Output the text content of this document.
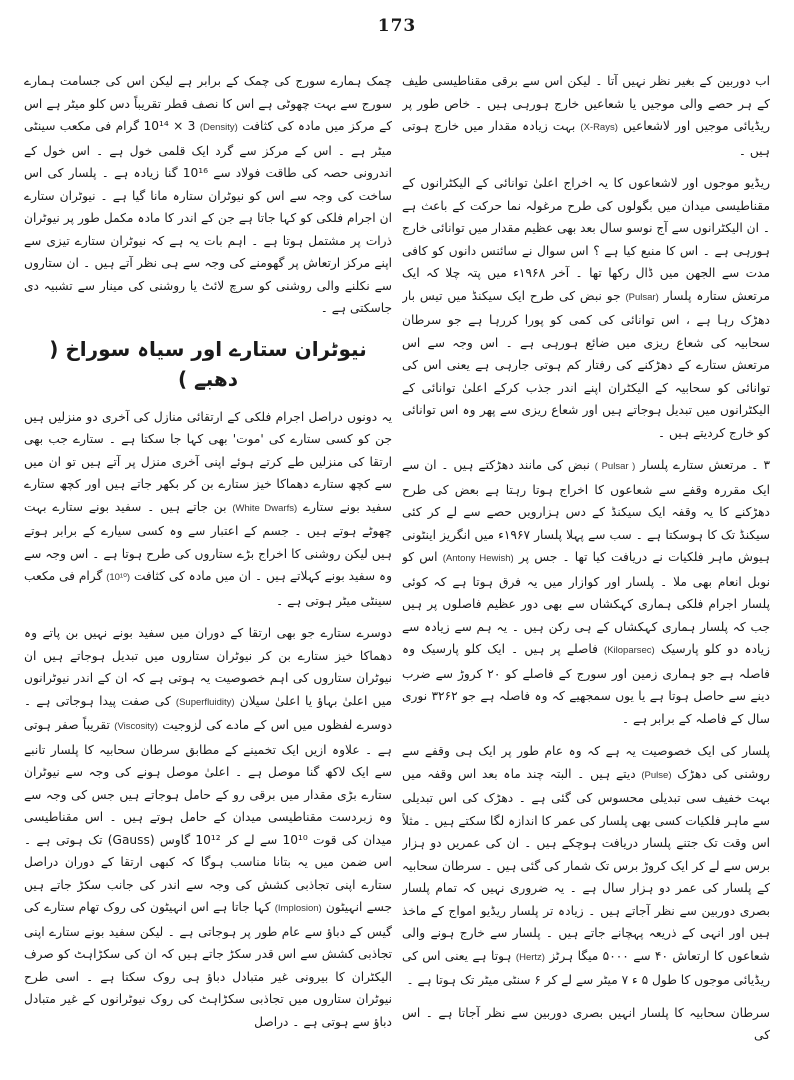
173

اب دوربین کے بغیر نظر نہیں آتا ۔ لیکن اس سے برقی مقناطیسی طیف کے ہر حصے والی موجیں یا شعاعیں خارج ہورہی ہیں ۔ خاص طور پر ریڈیائی موجیں اور لاشعاعیں (X-Rays) بہت زیادہ مقدار میں خارج ہوتی ہیں ۔

ریڈیو موجوں اور لاشعاعوں کا یہ اخراج اعلیٰ توانائی کے الیکٹرانوں کے مقناطیسی میدان میں بگولوں کی طرح مرغولہ نما حرکت کے باعث ہے ۔ ان الیکٹرانوں سے آج نوسو سال بعد بھی عظیم مقدار میں توانائی خارج ہورہی ہے ۔ اس کا منبع کیا ہے ؟ اس سوال نے سائنس دانوں کو کافی مدت سے الجھن میں ڈال رکھا تھا ۔ آخر ۱۹۶۸ء میں پتہ چلا کہ ایک مرتعش ستارہ پلسار (Pulsar) جو نبض کی طرح ایک سیکنڈ میں تیس بار دھڑک رہا ہے ، اس توانائی کی کمی کو پورا کررہا ہے جو سرطان سحابیہ کی شعاع ریزی میں ضائع ہورہی ہے ۔ اس وجہ سے اس مرتعش ستارے کے دھڑکنے کی رفتار کم ہوتی جارہی ہے یعنی اس کی توانائی کو سحابیہ کے الیکٹران اپنے اندر جذب کرکے اعلیٰ توانائی کے الیکٹرانوں میں تبدیل ہوجاتے ہیں اور شعاع ریزی سے پھر وہ اس توانائی کو خارج کردیتے ہیں ۔

۳ ۔ مرتعش ستارے پلسار ( Pulsar ) نبض کی مانند دھڑکتے ہیں ۔ ان سے ایک مقررہ وقفے سے شعاعوں کا اخراج ہوتا رہتا ہے بعض کی طرح دھڑکنے کا یہ وقفہ ایک سیکنڈ کے دس ہزارویں حصے سے لے کر کئی سیکنڈ تک کا ہوسکتا ہے ۔ سب سے پہلا پلسار ۱۹۶۷ء میں انگریز اینٹونی ہیوش ماہر فلکیات نے دریافت کیا تھا ۔ جس پر (Antony Hewish) اس کو نوبل انعام بھی ملا ۔ پلسار اور کوازار میں یہ فرق ہوتا ہے کہ کوئی پلسار اجرام فلکی ہماری کہکشاں سے بھی دور عظیم فاصلوں پر ہیں جب کہ پلسار ہماری کہکشاں کے ہی رکن ہیں ۔ یہ ہم سے زیادہ سے زیادہ دو کلو پارسیک (Kiloparsec) فاصلے پر ہیں ۔ ایک کلو پارسیک وہ فاصلہ ہے جو ہماری زمین اور سورج کے فاصلے کو ۲۰ کروڑ سے ضرب دینے سے حاصل ہوتا ہے یا یوں سمجھیے کہ وہ فاصلہ ہے جو ۳۲۶۲ نوری سال کے فاصلہ کے برابر ہے ۔

پلسار کی ایک خصوصیت یہ ہے کہ وہ عام طور پر ایک ہی وقفے سے روشنی کی دھڑک (Pulse) دیتے ہیں ۔ البتہ چند ماہ بعد اس وقفہ میں بہت خفیف سی تبدیلی محسوس کی گئی ہے ۔ دھڑک کی اس تبدیلی سے ماہر فلکیات کسی بھی پلسار کی عمر کا اندازہ لگا سکتے ہیں ۔ مثلاً اس وقت تک جتنے پلسار دریافت ہوچکے ہیں ۔ ان کی عمریں دو ہزار برس سے لے کر ایک کروڑ برس تک شمار کی گئی ہیں ۔ سرطان سحابیہ کے پلسار کی عمر دو ہزار سال ہے ۔ یہ ضروری نہیں کہ تمام پلسار بصری دوربین سے نظر آجاتے ہیں ۔ زیادہ تر پلسار ریڈیو امواج کے ماخذ ہیں اور انہی کے ذریعہ پہچانے جاتے ہیں ۔ پلسار سے خارج ہونے والی شعاعوں کا ارتعاش ۴۰ سے ۵۰۰۰ میگا ہرٹز (Hertz) ہوتا ہے یعنی اس کی ریڈیائی موجوں کا طول ۵ ء ۷ میٹر سے لے کر ۶ سنٹی میٹر تک ہوتا ہے ۔

سرطان سحابیہ کا پلسار انہیں بصری دوربین سے نظر آجاتا ہے ۔ اس کی

چمک ہمارے سورج کی چمک کے برابر ہے لیکن اس کی جسامت ہمارے سورج سے بہت چھوٹی ہے اس کا نصف قطر تقریباً دس کلو میٹر ہے اس کے مرکز میں مادہ کی کثافت (Density) 3 × 10¹⁴ گرام فی مکعب سینٹی میٹر ہے ۔ اس کے مرکز سے گرد ایک قلمی خول ہے ۔ اس خول کے اندرونی حصہ کی طاقت فولاد سے 10¹⁶ گنا زیادہ ہے ۔ پلسار کی اس ساخت کی وجہ سے اس کو نیوٹران ستارہ مانا گیا ہے ۔ نیوٹران ستارے ان اجرام فلکی کو کہا جاتا ہے جن کے اندر کا مادہ مکمل طور پر نیوٹران ذرات پر مشتمل ہوتا ہے ۔ اہم بات یہ ہے کہ نیوٹران ستارے تیزی سے اپنے مرکز ارتعاش پر گھومنے کی وجہ سے ہی نظر آتے ہیں ۔ ان ستاروں سے نکلنے والی روشنی کو سرچ لائٹ یا روشنی کی مینار سے تشبیہ دی جاسکتی ہے ۔

نیوٹران ستارے اور سیاہ سوراخ ( دھبے )

یہ دونوں دراصل اجرام فلکی کے ارتقائی منازل کی آخری دو منزلیں ہیں جن کو کسی ستارے کی 'موت' بھی کہا جا سکتا ہے ۔ ستارے جب بھی ارتقا کی منزلیں طے کرتے ہوئے اپنی آخری منزل پر آتے ہیں تو ان میں سے کچھ ستارے دھماکا خیز ستارے بن کر بکھر جاتے ہیں اور کچھ ستارے سفید بونے ستارے (White Dwarfs) بن جاتے ہیں ۔ سفید بونے ستارے بہت چھوٹے ہوتے ہیں ۔ جسم کے اعتبار سے وہ کسی سیارے کے برابر ہوتے ہیں لیکن روشنی کا اخراج بڑے ستاروں کی طرح ہوتا ہے ۔ اس وجہ سے وہ سفید بونے کہلاتے ہیں ۔ ان میں مادہ کی کثافت (10¹⁰) گرام فی مکعب سینٹی میٹر ہوتی ہے ۔

دوسرے ستارے جو بھی ارتقا کے دوران میں سفید بونے نہیں بن پاتے وہ دھماکا خیز ستارے بن کر نیوٹران ستاروں میں تبدیل ہوجاتے ہیں ان نیوٹران ستاروں کی اہم خصوصیت یہ ہوتی ہے کہ ان کے اندر نیوٹرانوں میں اعلیٰ بہاؤ یا اعلیٰ سیلان (Superfluidity) کی صفت پیدا ہوجاتی ہے ۔ دوسرے لفظوں میں اس کے مادے کی لزوجیت (Viscosity) تقریباً صفر ہوتی ہے ۔ علاوہ ازیں ایک تخمینے کے مطابق سرطان سحابیہ کا پلسار تانبے سے ایک لاکھ گنا موصل ہے ۔ اعلیٰ موصل ہونے کی وجہ سے نیوٹران ستارے بڑی مقدار میں برقی رو کے حامل ہوجاتے ہیں جس کی وجہ سے وہ زبردست مقناطیسی میدان کے حامل ہوتے ہیں ۔ اس مقناطیسی میدان کی قوت 10¹⁰ سے لے کر 10¹² گاوس (Gauss) تک ہوتی ہے ۔ اس ضمن میں یہ بتانا مناسب ہوگا کہ کبھی ارتقا کے دوران دراصل ستارے اپنی تجاذبی کشش کی وجہ سے اندر کی جانب سکڑ جاتے ہیں جسے انہیٹون (Implosion) کہا جاتا ہے اس انہیٹون کی روک تھام ستارے کی گیس کے دباؤ سے عام طور پر ہوجاتی ہے ۔ لیکن سفید بونے ستارے اپنی تجاذبی کشش سے اس قدر سکڑ جاتے ہیں کہ ان کی سکڑاہٹ کو صرف الیکٹران کا بیرونی غیر متبادل دباؤ ہی روک سکتا ہے ۔ اسی طرح نیوٹران ستاروں میں تجاذبی سکڑاہٹ کی روک نیوٹرانوں کے غیر متبادل دباؤ سے ہوتی ہے ۔ دراصل
